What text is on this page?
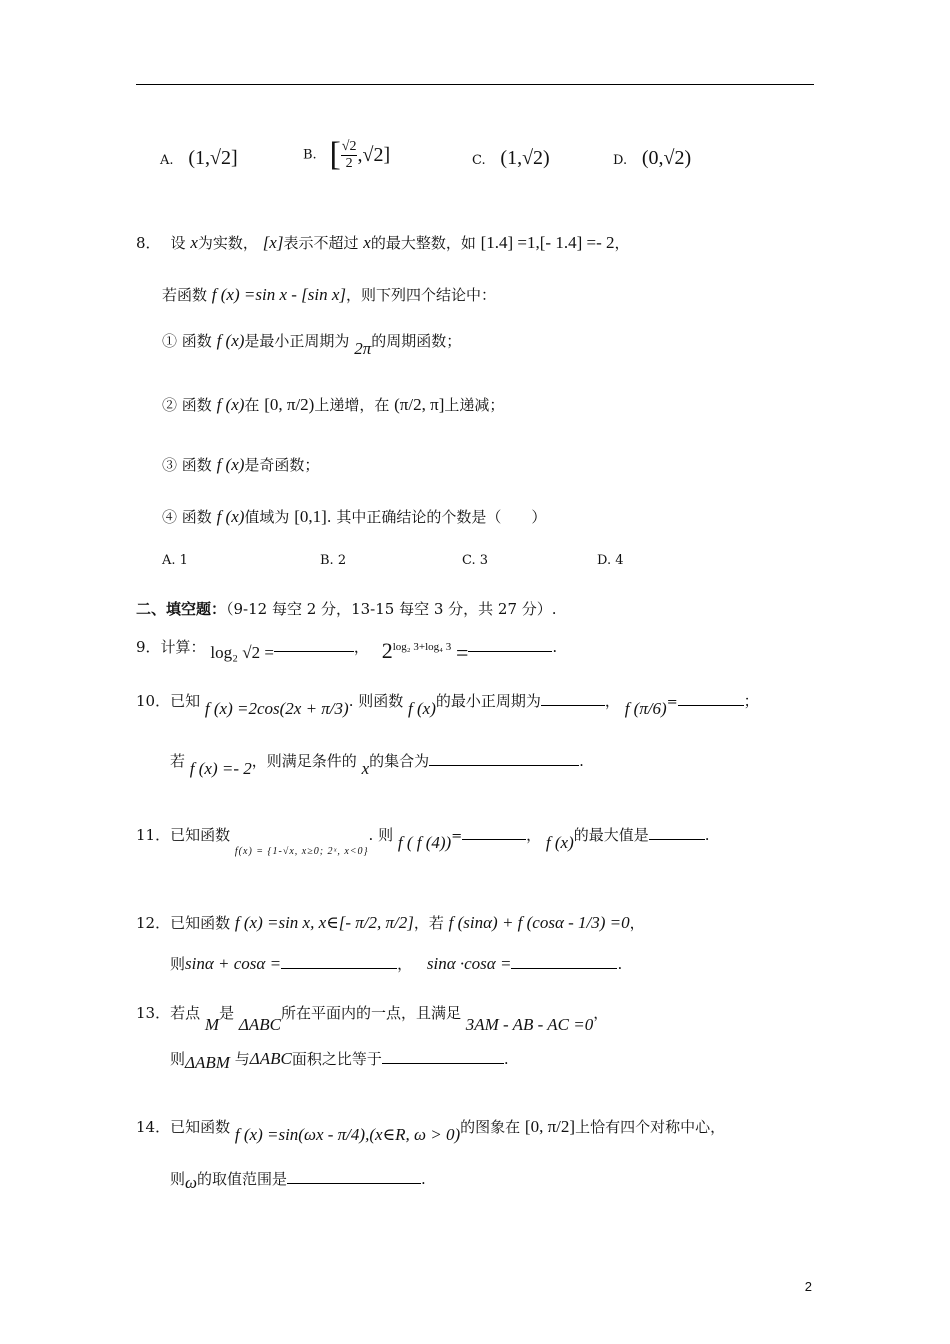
A. (1,√2]	B. [ $\frac{√2}{2} ,√2$]	C. (1,√2)	D. (0,√2)
8． 设 x为实数， [x]表示不超过 x的最大整数，如 [1.4] =1,[- 1.4] =- 2，
若函数 f (x) =sin x - [sin x]，则下列四个结论中：
① 函数 f (x)是最小正周期为 2π的周期函数；
② 函数 f (x)在 [0, π/2)上递增，在 (π/2, π]上递减；
③ 函数 f (x)是奇函数；
④ 函数 f (x)值域为 [0,1]. 其中正确结论的个数是（　　）
A. 1	B. 2	C. 3	D. 4
二、填空题：（9-12 每空 2 分，13-15 每空 3 分，共 27 分）.
9．计算： log₂ √2 =	， 2log₂ 3+log₄ 3 =	.
10．已知 f (x) =2cos(2x + π/3). 则函数 f (x)的最小正周期为	， f (π/6)=	；
若 f (x) =- 2，则满足条件的 x的集合为	.
11．已知函数 $_{f(x) = \{1-√x, x\ge 0; 2ˣ, x<0\}}$. 则 f ( f (4))=	， f (x)的最大值是	.
12．已知函数 f (x) =sin x, x∈[- π/2, π/2]，若 f (sinα) + f (cosα - 1/3) =0，
则sinα + cosα =	， sinα ·cosα =	.
13．若点 M是 ΔABC所在平面内的一点，且满足 3AM - AB - AC =0，
则ΔABM 与ΔABC面积之比等于	.
14．已知函数 f (x) =sin(ωx - π/4),(x∈R, ω > 0)的图象在 [0, π/2]上恰有四个对称中心，
则ω的取值范围是	.
2
